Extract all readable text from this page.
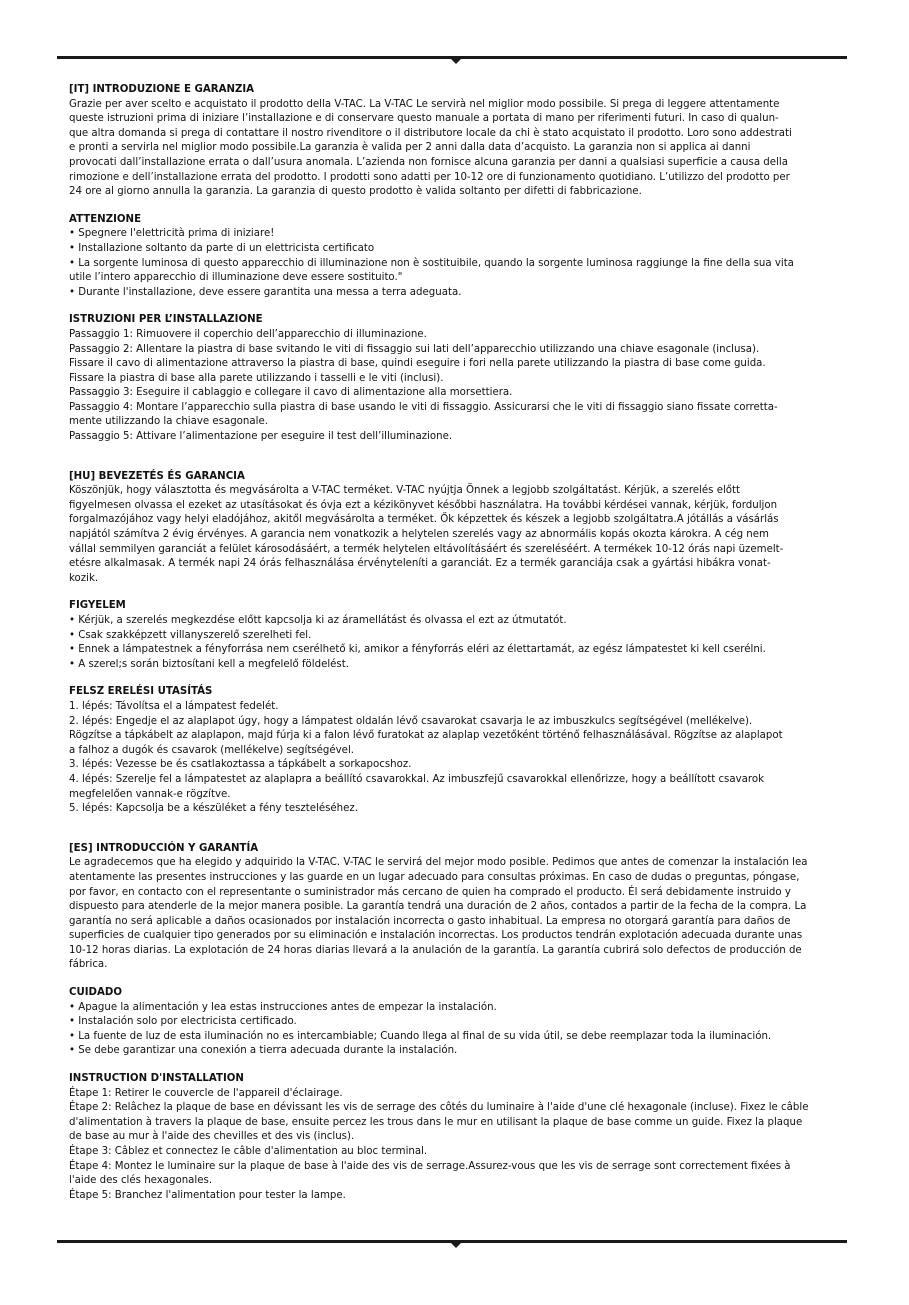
[IT] INTRODUZIONE E GARANZIA

Grazie per aver scelto e acquistato il prodotto della V-TAC. La V-TAC Le servirà nel miglior modo possibile. Si prega di leggere attentamente

queste istruzioni prima di iniziare l’installazione e di conservare questo manuale a portata di mano per riferimenti futuri. In caso di qualun-

que altra domanda si prega di contattare il nostro rivenditore o il distributore locale da chi è stato acquistato il prodotto. Loro sono addestrati

e pronti a servirla nel miglior modo possibile.La garanzia è valida per 2 anni dalla data d’acquisto. La garanzia non si applica ai danni

provocati dall’installazione errata o dall’usura anomala. L’azienda non fornisce alcuna garanzia per danni a qualsiasi superficie a causa della

rimozione e dell’installazione errata del prodotto. I prodotti sono adatti per 10-12 ore di funzionamento quotidiano. L’utilizzo del prodotto per

24 ore al giorno annulla la garanzia. La garanzia di questo prodotto è valida soltanto per difetti di fabbricazione.

ATTENZIONE

• Spegnere l'elettricità prima di iniziare!

• Installazione soltanto da parte di un elettricista certificato

• La sorgente luminosa di questo apparecchio di illuminazione non è sostituibile, quando la sorgente luminosa raggiunge la fine della sua vita

utile l’intero apparecchio di illuminazione deve essere sostituito."

• Durante l'installazione, deve essere garantita una messa a terra adeguata.

ISTRUZIONI PER L’INSTALLAZIONE

Passaggio 1: Rimuovere il coperchio dell’apparecchio di illuminazione.

Passaggio 2: Allentare la piastra di base svitando le viti di fissaggio sui lati dell’apparecchio utilizzando una chiave esagonale (inclusa).

Fissare il cavo di alimentazione attraverso la piastra di base, quindi eseguire i fori nella parete utilizzando la piastra di base come guida.

Fissare la piastra di base alla parete utilizzando i tasselli e le viti (inclusi).

Passaggio 3: Eseguire il cablaggio e collegare il cavo di alimentazione alla morsettiera.

Passaggio 4: Montare l’apparecchio sulla piastra di base usando le viti di fissaggio. Assicurarsi che le viti di fissaggio siano fissate corretta-

mente utilizzando la chiave esagonale.

Passaggio 5: Attivare l’alimentazione per eseguire il test dell’illuminazione.

[HU] BEVEZETÉS ÉS GARANCIA

Köszönjük, hogy választotta és megvásárolta a V-TAC terméket. V-TAC nyújtja Önnek a legjobb szolgáltatást. Kérjük, a szerelés előtt

figyelmesen olvassa el ezeket az utasításokat és óvja ezt a kézikönyvet későbbi használatra. Ha további kérdései vannak, kérjük, forduljon

forgalmazójához vagy helyi eladójához, akitől megvásárolta a terméket. Ők képzettek és készek a legjobb szolgáltatra.A jótállás a vásárlás

napjától számítva 2 évig érvényes. A garancia nem vonatkozik a helytelen szerelés vagy az abnormális kopás okozta károkra. A cég nem

vállal semmilyen garanciát a felület károsodásáért, a termék helytelen eltávolításáért és szereléséért. A termékek 10-12 órás napi üzemelt-

etésre alkalmasak. A termék napi 24 órás felhasználása érvényteleníti a garanciát. Ez a termék garanciája csak a gyártási hibákra vonat-

kozik.

FIGYELEM

• Kérjük, a szerelés megkezdése előtt kapcsolja ki az áramellátást és olvassa el ezt az útmutatót.

• Csak szakképzett villanyszerelő szerelheti fel.

• Ennek a lámpatestnek a fényforrása nem cserélhető ki, amikor a fényforrás eléri az élettartamát, az egész lámpatestet ki kell cserélni.

• A szerel;s során biztosítani kell a megfelelő földelést.

FELSZ ERELÉSI UTASÍTÁS

1. lépés: Távolítsa el a lámpatest fedelét.

2. lépés: Engedje el az alaplapot úgy, hogy a lámpatest oldalán lévő csavarokat csavarja le az imbuszkulcs segítségével (mellékelve).

Rögzítse a tápkábelt az alaplapon, majd fúrja ki a falon lévő furatokat az alaplap vezetőként történő felhasználásával. Rögzítse az alaplapot

a falhoz a dugók és csavarok (mellékelve) segítségével.

3. lépés: Vezesse be és csatlakoztassa a tápkábelt a sorkapocshoz.

4. lépés: Szerelje fel a lámpatestet az alaplapra a beállító csavarokkal. Az imbuszfejű csavarokkal ellenőrizze, hogy a beállított csavarok

megfelelően vannak-e rögzítve.

5. lépés: Kapcsolja be a készüléket a fény teszteléséhez.

[ES] INTRODUCCIÓN Y GARANTÍA

Le agradecemos que ha elegido y adquirido la V-TAC. V-TAC le servirá del mejor modo posible. Pedimos que antes de comenzar la instalación lea

atentamente las presentes instrucciones y las guarde en un lugar adecuado para consultas próximas. En caso de dudas o preguntas, póngase,

por favor, en contacto con el representante o suministrador más cercano de quien ha comprado el producto. Él será debidamente instruido y

dispuesto para atenderle de la mejor manera posible. La garantía tendrá una duración de 2 años, contados a partir de la fecha de la compra. La

garantía no será aplicable a daños ocasionados por instalación incorrecta o gasto inhabitual. La empresa no otorgará garantía para daños de

superficies de cualquier tipo generados por su eliminación e instalación incorrectas. Los productos tendrán explotación adecuada durante unas

10-12 horas diarias. La explotación de 24 horas diarias llevará a la anulación de la garantía. La garantía cubrirá solo defectos de producción de

fábrica.

CUIDADO

• Apague la alimentación y lea estas instrucciones antes de empezar la instalación.

• Instalación solo por electricista certificado.

• La fuente de luz de esta iluminación no es intercambiable; Cuando llega al final de su vida útil, se debe reemplazar toda la iluminación.

• Se debe garantizar una conexión a tierra adecuada durante la instalación.

INSTRUCTION D'INSTALLATION

Étape 1: Retirer le couvercle de l'appareil d'éclairage.

Étape 2: Relâchez la plaque de base en dévissant les vis de serrage des côtés du luminaire à l'aide d'une clé hexagonale (incluse). Fixez le câble

d'alimentation à travers la plaque de base, ensuite percez les trous dans le mur en utilisant la plaque de base comme un guide. Fixez la plaque

de base au mur à l'aide des chevilles et des vis (inclus).

Étape 3: Câblez et connectez le câble d'alimentation au bloc terminal.

Étape 4: Montez le luminaire sur la plaque de base à l'aide des vis de serrage.Assurez-vous que les vis de serrage sont correctement fixées à

l'aide des clés hexagonales.

Étape 5: Branchez l'alimentation pour tester la lampe.
